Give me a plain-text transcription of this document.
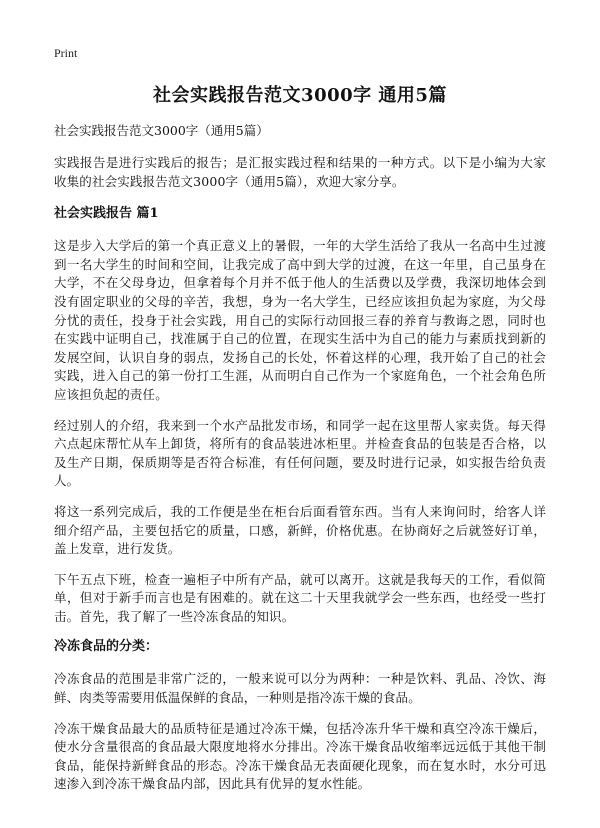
Print
社会实践报告范文3000字 通用5篇
社会实践报告范文3000字（通用5篇）

实践报告是进行实践后的报告；是汇报实践过程和结果的一种方式。以下是小编为大家收集的社会实践报告范文3000字（通用5篇），欢迎大家分享。

社会实践报告 篇1

这是步入大学后的第一个真正意义上的暑假，一年的大学生活给了我从一名高中生过渡到一名大学生的时间和空间，让我完成了高中到大学的过渡，在这一年里，自己虽身在大学，不在父母身边，但拿着每个月并不低于他人的生活费以及学费，我深切地体会到没有固定职业的父母的辛苦，我想，身为一名大学生，已经应该担负起为家庭，为父母分忧的责任，投身于社会实践，用自己的实际行动回报三春的养育与教诲之恩，同时也在实践中证明自己，找准属于自己的位置，在现实生活中为自己的能力与素质找到新的发展空间，认识自身的弱点，发扬自己的长处，怀着这样的心理，我开始了自己的社会实践，进入自己的第一份打工生涯，从而明白自己作为一个家庭角色，一个社会角色所应该担负起的责任。

经过别人的介绍，我来到一个水产品批发市场，和同学一起在这里帮人家卖货。每天得六点起床帮忙从车上卸货，将所有的食品装进冰柜里。并检查食品的包装是否合格，以及生产日期，保质期等是否符合标准，有任何问题，要及时进行记录，如实报告给负责人。

将这一系列完成后，我的工作便是坐在柜台后面看管东西。当有人来询问时，给客人详细介绍产品，主要包括它的质量，口感，新鲜，价格优惠。在协商好之后就签好订单，盖上发章，进行发货。

下午五点下班，检查一遍柜子中所有产品，就可以离开。这就是我每天的工作，看似简单，但对于新手而言也是有困难的。就在这二十天里我就学会一些东西，也经受一些打击。首先，我了解了一些冷冻食品的知识。

冷冻食品的分类：

冷冻食品的范围是非常广泛的，一般来说可以分为两种：一种是饮料、乳品、冷饮、海鲜、肉类等需要用低温保鲜的食品，一种则是指冷冻干燥的食品。

冷冻干燥食品最大的品质特征是通过冷冻干燥，包括冷冻升华干燥和真空冷冻干燥后，使水分含量很高的食品最大限度地将水分排出。冷冻干燥食品收缩率远远低于其他干制食品，能保持新鲜食品的形态。冷冻干燥食品无表面硬化现象，而在复水时，水分可迅速渗入到冷冻干燥食品内部，因此具有优异的复水性能。
